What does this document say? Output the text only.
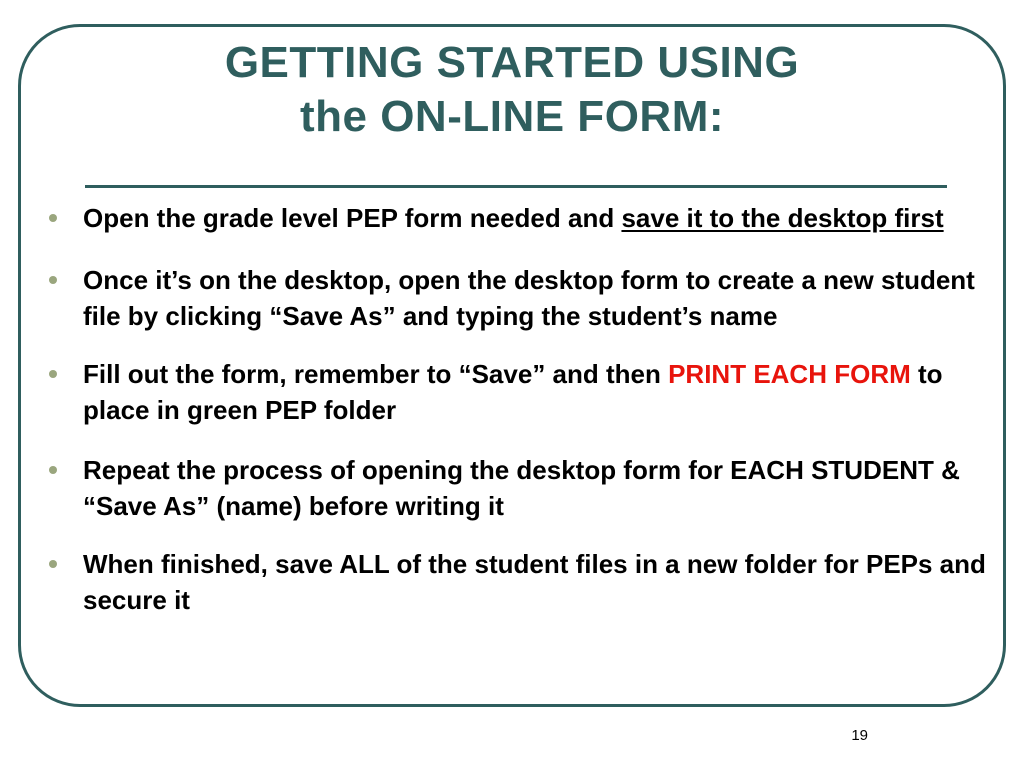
GETTING STARTED USING
the ON-LINE FORM:
Open the grade level PEP form needed and save it to the desktop first
Once it’s on the desktop, open the desktop form to create a new student file by clicking “Save As” and typing the student’s name
Fill out the form, remember to “Save” and then PRINT EACH FORM to place in green PEP folder
Repeat the process of opening the desktop form for EACH STUDENT & “Save As” (name) before writing it
When finished, save ALL of the student files in a new folder for PEPs and secure it
19
